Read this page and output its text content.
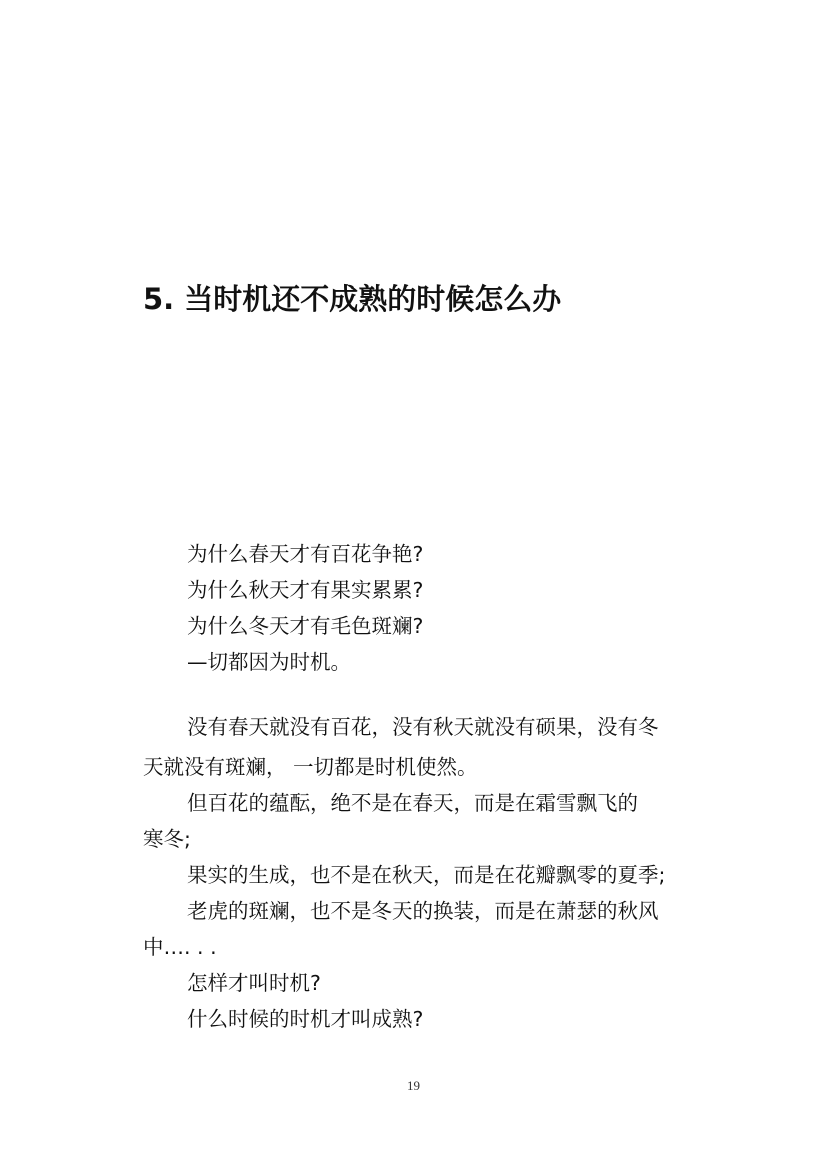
5. 当时机还不成熟的时候怎么办
为什么春天才有百花争艳?
为什么秋天才有果实累累?
为什么冬天才有毛色斑斓?
—切都因为时机。
没有春天就没有百花，没有秋天就没有硕果，没有冬
天就没有斑斓， 一切都是时机使然。
但百花的蕴酝，绝不是在春天，而是在霜雪飘飞的
寒冬;
果实的生成，也不是在秋天，而是在花瓣飘零的夏季;
老虎的斑斓，也不是冬天的换装，而是在萧瑟的秋风
中…. . .
怎样才叫时机?
什么时候的时机才叫成熟?
19
